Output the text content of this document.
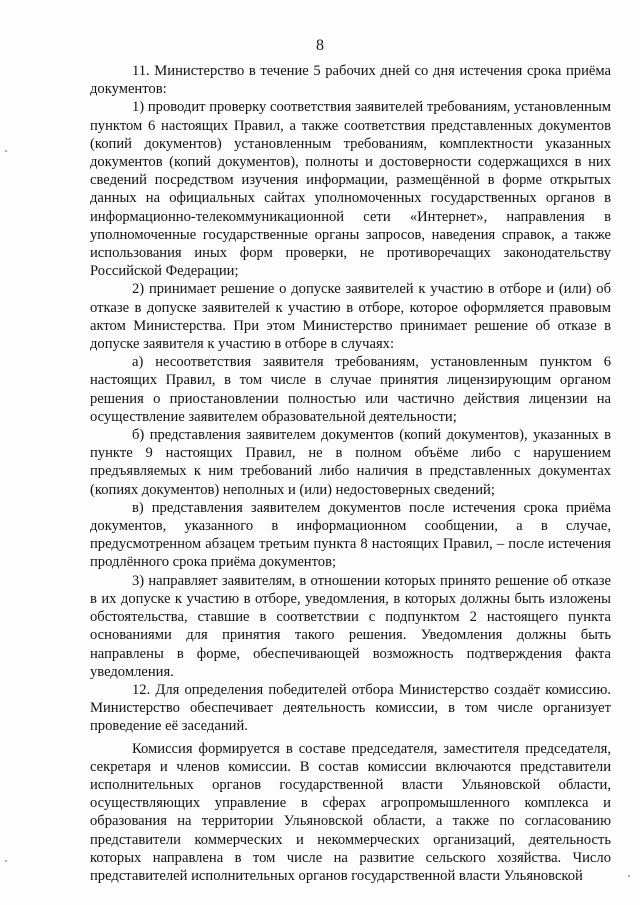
8

11. Министерство в течение 5 рабочих дней со дня истечения срока приёма документов:

1) проводит проверку соответствия заявителей требованиям, установленным пунктом 6 настоящих Правил, а также соответствия представленных документов (копий документов) установленным требованиям, комплектности указанных документов (копий документов), полноты и достоверности содержащихся в них сведений посредством изучения информации, размещённой в форме открытых данных на официальных сайтах уполномоченных государственных органов в информационно-телекоммуникационной сети «Интернет», направления в уполномоченные государственные органы запросов, наведения справок, а также использования иных форм проверки, не противоречащих законодательству Российской Федерации;

2) принимает решение о допуске заявителей к участию в отборе и (или) об отказе в допуске заявителей к участию в отборе, которое оформляется правовым актом Министерства. При этом Министерство принимает решение об отказе в допуске заявителя к участию в отборе в случаях:

а) несоответствия заявителя требованиям, установленным пунктом 6 настоящих Правил, в том числе в случае принятия лицензирующим органом решения о приостановлении полностью или частично действия лицензии на осуществление заявителем образовательной деятельности;

б) представления заявителем документов (копий документов), указанных в пункте 9 настоящих Правил, не в полном объёме либо с нарушением предъявляемых к ним требований либо наличия в представленных документах (копиях документов) неполных и (или) недостоверных сведений;

в) представления заявителем документов после истечения срока приёма документов, указанного в информационном сообщении, а в случае, предусмотренном абзацем третьим пункта 8 настоящих Правил, – после истечения продлённого срока приёма документов;

3) направляет заявителям, в отношении которых принято решение об отказе в их допуске к участию в отборе, уведомления, в которых должны быть изложены обстоятельства, ставшие в соответствии с подпунктом 2 настоящего пункта основаниями для принятия такого решения. Уведомления должны быть направлены в форме, обеспечивающей возможность подтверждения факта уведомления.

12. Для определения победителей отбора Министерство создаёт комиссию. Министерство обеспечивает деятельность комиссии, в том числе организует проведение её заседаний.

Комиссия формируется в составе председателя, заместителя председателя, секретаря и членов комиссии. В состав комиссии включаются представители исполнительных органов государственной власти Ульяновской области, осуществляющих управление в сферах агропромышленного комплекса и образования на территории Ульяновской области, а также по согласованию представители коммерческих и некоммерческих организаций, деятельность которых направлена в том числе на развитие сельского хозяйства. Число представителей исполнительных органов государственной власти Ульяновской
